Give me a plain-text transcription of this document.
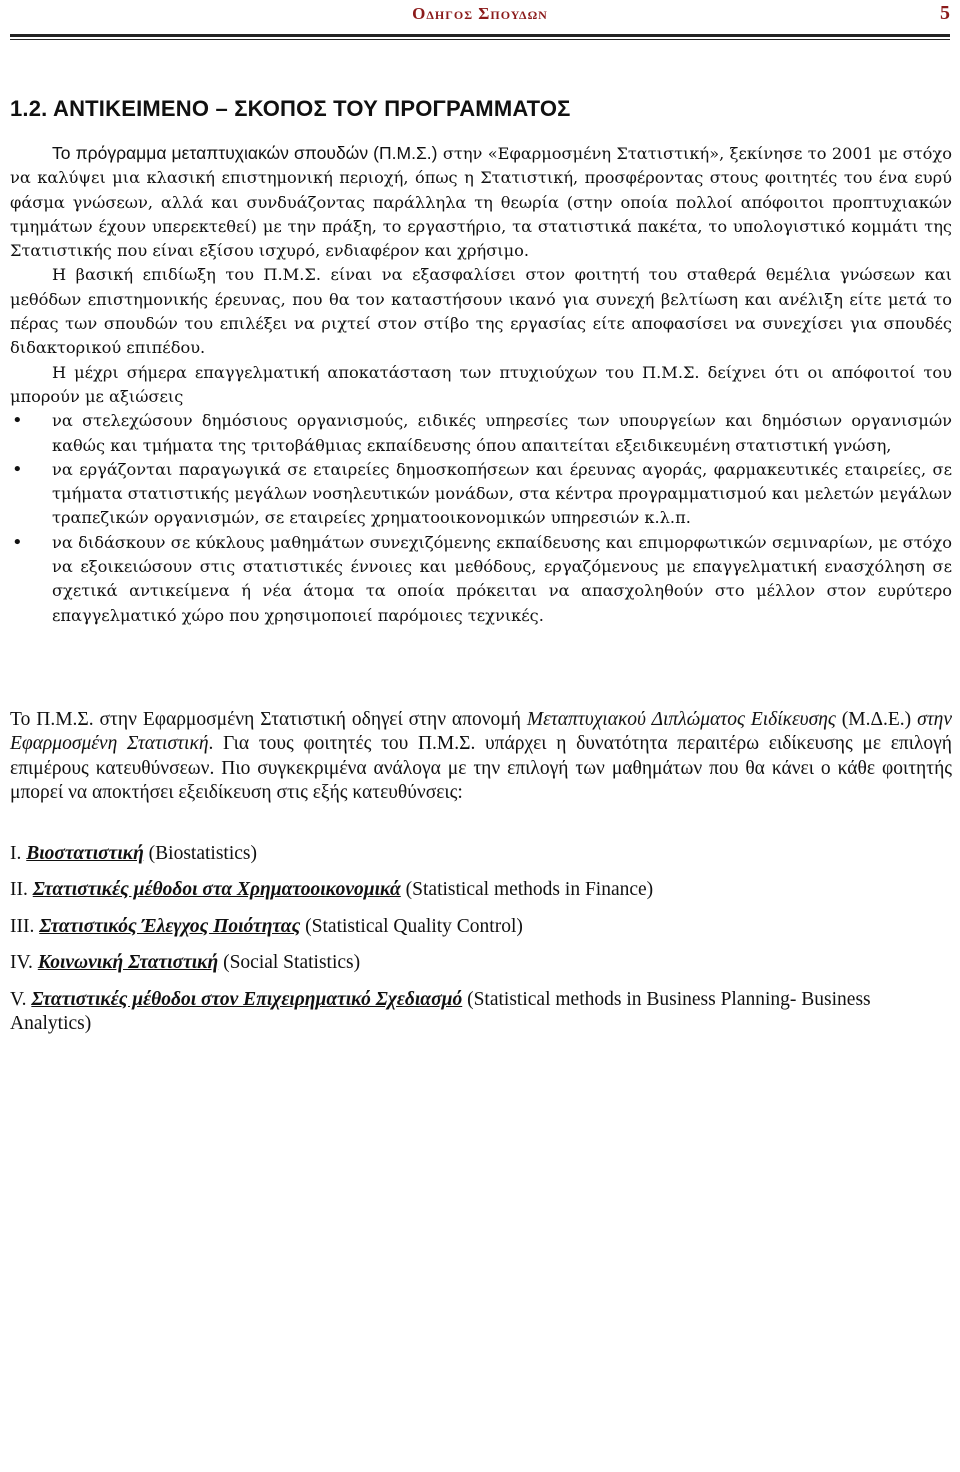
Οδηγος Σπουδων	5
1.2. ΑΝΤΙΚΕΙΜΕΝΟ – ΣΚΟΠΟΣ ΤΟΥ ΠΡΟΓΡΑΜΜΑΤΟΣ

Το πρόγραμμα μεταπτυχιακών σπουδών (Π.Μ.Σ.) στην «Εφαρμοσμένη Στατιστική», ξεκίνησε το 2001 με στόχο να καλύψει μια κλασική επιστημονική περιοχή, όπως η Στατιστική, προσφέροντας στους φοιτητές του ένα ευρύ φάσμα γνώσεων, αλλά και συνδυάζοντας παράλληλα τη θεωρία (στην οποία πολλοί απόφοιτοι προπτυχιακών τμημάτων έχουν υπερεκτεθεί) με την πράξη, το εργαστήριο, τα στατιστικά πακέτα, το υπολογιστικό κομμάτι της Στατιστικής που είναι εξίσου ισχυρό, ενδιαφέρον και χρήσιμο.

Η βασική επιδίωξη του Π.Μ.Σ. είναι να εξασφαλίσει στον φοιτητή του σταθερά θεμέλια γνώσεων και μεθόδων επιστημονικής έρευνας, που θα τον καταστήσουν ικανό για συνεχή βελτίωση και ανέλιξη είτε μετά το πέρας των σπουδών του επιλέξει να ριχτεί στον στίβο της εργασίας είτε αποφασίσει να συνεχίσει για σπουδές διδακτορικού επιπέδου.

Η μέχρι σήμερα επαγγελματική αποκατάσταση των πτυχιούχων του Π.Μ.Σ. δείχνει ότι οι απόφοιτοί του μπορούν με αξιώσεις

• να στελεχώσουν δημόσιους οργανισμούς, ειδικές υπηρεσίες των υπουργείων και δημόσιων οργανισμών καθώς και τμήματα της τριτοβάθμιας εκπαίδευσης όπου απαιτείται εξειδικευμένη στατιστική γνώση,
• να εργάζονται παραγωγικά σε εταιρείες δημοσκοπήσεων και έρευνας αγοράς, φαρμακευτικές εταιρείες, σε τμήματα στατιστικής μεγάλων νοσηλευτικών μονάδων, στα κέντρα προγραμματισμού και μελετών μεγάλων τραπεζικών οργανισμών, σε εταιρείες χρηματοοικονομικών υπηρεσιών κ.λ.π.
• να διδάσκουν σε κύκλους μαθημάτων συνεχιζόμενης εκπαίδευσης και επιμορφωτικών σεμιναρίων, με στόχο να εξοικειώσουν στις στατιστικές έννοιες και μεθόδους, εργαζόμενους με επαγγελματική ενασχόληση σε σχετικά αντικείμενα ή νέα άτομα τα οποία πρόκειται να απασχοληθούν στο μέλλον στον ευρύτερο επαγγελματικό χώρο που χρησιμοποιεί παρόμοιες τεχνικές.

Το Π.Μ.Σ. στην Εφαρμοσμένη Στατιστική οδηγεί στην απονομή Μεταπτυχιακού Διπλώματος Ειδίκευσης (Μ.Δ.Ε.) στην Εφαρμοσμένη Στατιστική. Για τους φοιτητές του Π.Μ.Σ. υπάρχει η δυνατότητα περαιτέρω ειδίκευσης με επιλογή επιμέρους κατευθύνσεων. Πιο συγκεκριμένα ανάλογα με την επιλογή των μαθημάτων που θα κάνει ο κάθε φοιτητής μπορεί να αποκτήσει εξειδίκευση στις εξής κατευθύνσεις:

I. Βιοστατιστική (Biostatistics)

II. Στατιστικές μέθοδοι στα Χρηματοοικονομικά (Statistical methods in Finance)

III. Στατιστικός Έλεγχος Ποιότητας (Statistical Quality Control)

IV. Κοινωνική Στατιστική (Social Statistics)

V. Στατιστικές μέθοδοι στον Επιχειρηματικό Σχεδιασμό (Statistical methods in Business Planning- Business Analytics)
